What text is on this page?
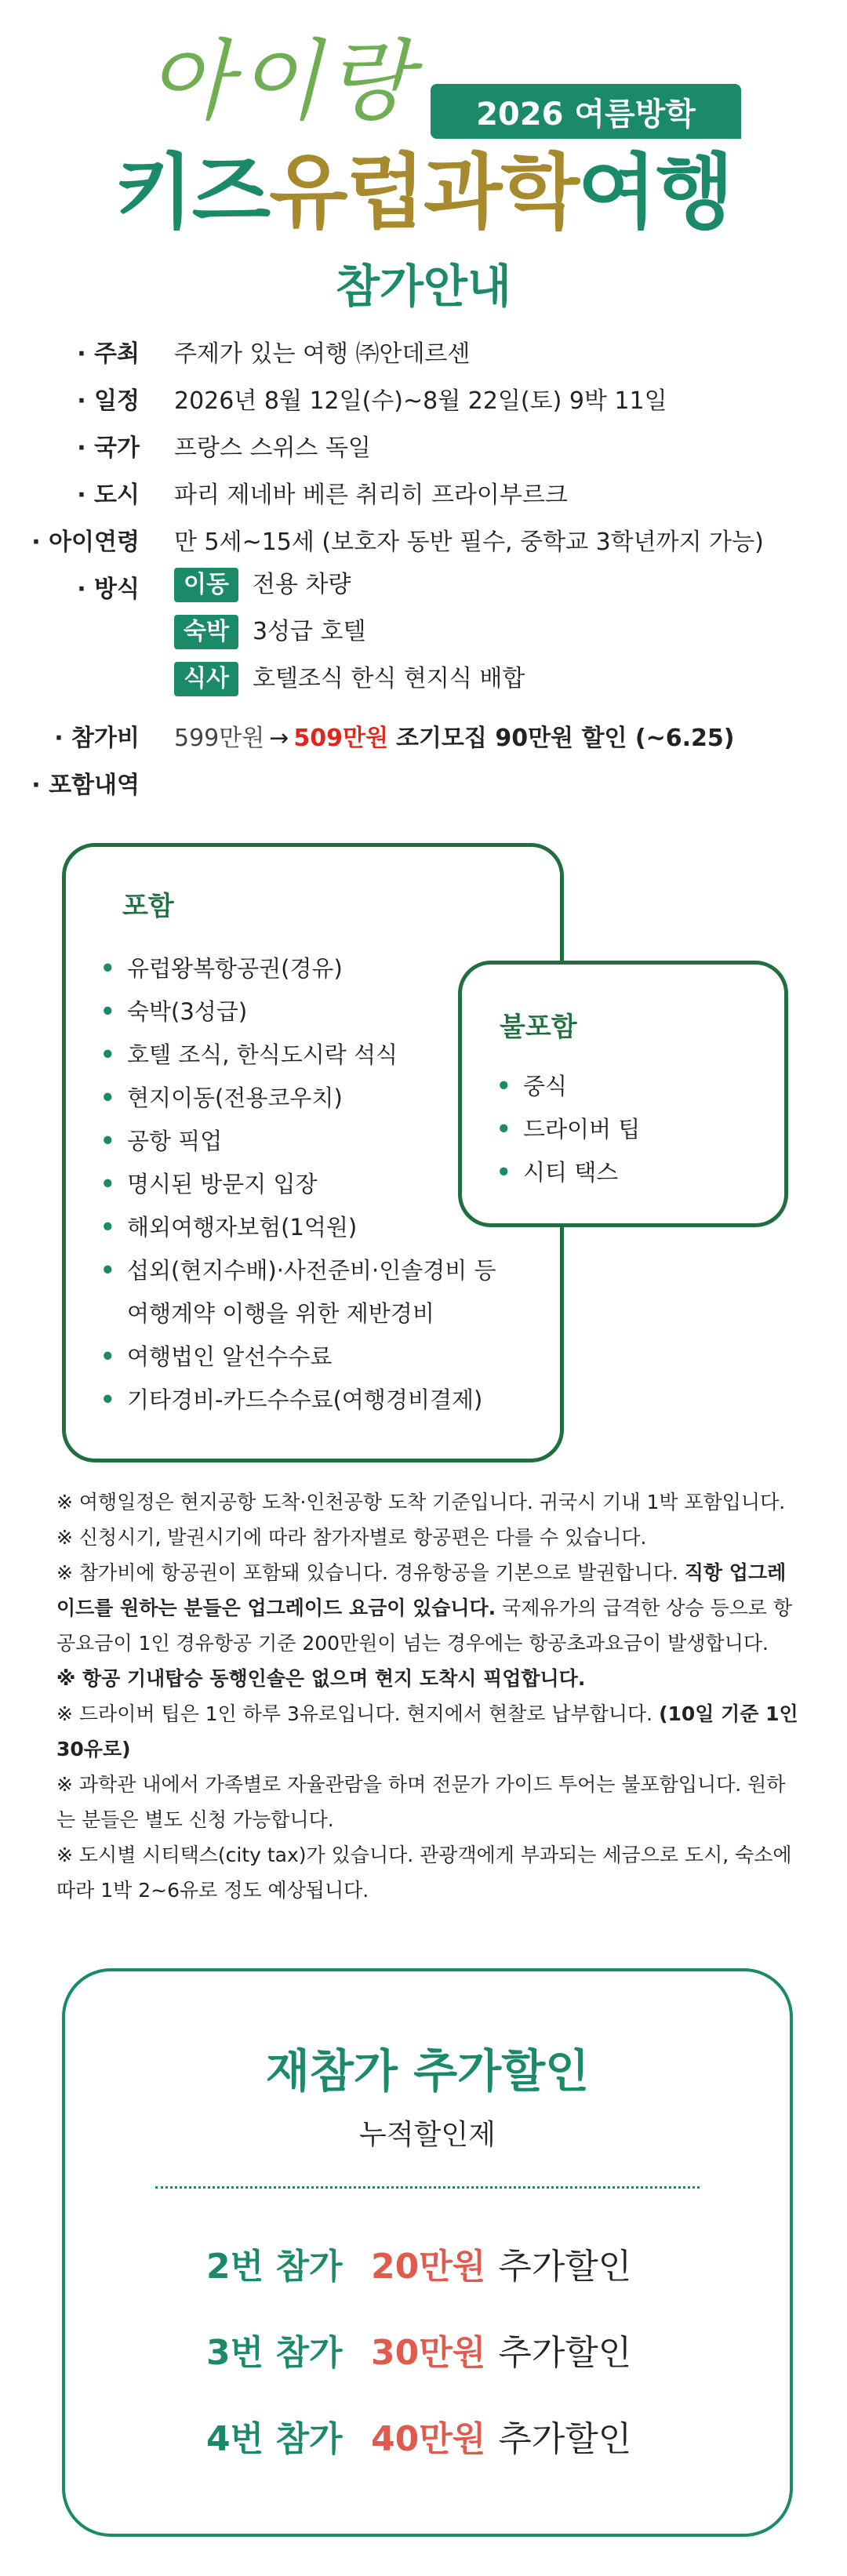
아이랑	2026 여름방학
키즈유럽과학여행
참가안내
· 주최 주제가 있는 여행 ㈜안데르센
· 일정 2026년 8월 12일(수)~8월 22일(토) 9박 11일
· 국가 프랑스 스위스 독일
· 도시 파리 제네바 베른 취리히 프라이부르크
· 아이연령 만 5세~15세 (보호자 동반 필수, 중학교 3학년까지 가능)
· 방식	이동 전용 차량
숙박 3성급 호텔
식사 호텔조식 한식 현지식 배합
· 참가비 599만원 → 509만원 조기모집 90만원 할인 (~6.25)
· 포함내역
포함
• 유럽왕복항공권(경유)
• 숙박(3성급)
• 호텔 조식, 한식도시락 석식
• 현지이동(전용코우치)
• 공항 픽업
• 명시된 방문지 입장
• 해외여행자보험(1억원)
• 섭외(현지수배)·사전준비·인솔경비 등
여행계약 이행을 위한 제반경비
• 여행법인 알선수수료
• 기타경비-카드수수료(여행경비결제)
불포함
• 중식
• 드라이버 팁
• 시티 택스

※ 여행일정은 현지공항 도착·인천공항 도착 기준입니다. 귀국시 기내 1박 포함입니다.

※ 신청시기, 발권시기에 따라 참가자별로 항공편은 다를 수 있습니다.

※ 참가비에 항공권이 포함돼 있습니다. 경유항공을 기본으로 발권합니다. 직항 업그레이드를 원하는 분들은 업그레이드 요금이 있습니다. 국제유가의 급격한 상승 등으로 항공요금이 1인 경유항공 기준 200만원이 넘는 경우에는 항공초과요금이 발생합니다.

※ 항공 기내탑승 동행인솔은 없으며 현지 도착시 픽업합니다.

※ 드라이버 팁은 1인 하루 3유로입니다. 현지에서 현찰로 납부합니다. (10일 기준 1인 30유로)

※ 과학관 내에서 가족별로 자율관람을 하며 전문가 가이드 투어는 불포함입니다. 원하는 분들은 별도 신청 가능합니다.

※ 도시별 시티택스(city tax)가 있습니다. 관광객에게 부과되는 세금으로 도시, 숙소에 따라 1박 2~6유로 정도 예상됩니다.

재참가 추가할인
누적할인제
2번 참가 20만원 추가할인
3번 참가 30만원 추가할인
4번 참가 40만원 추가할인
